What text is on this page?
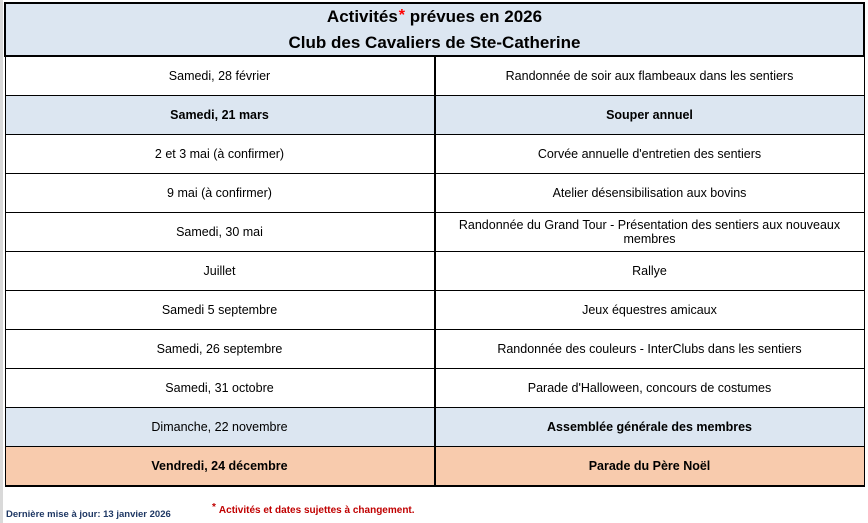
Activités* prévues en 2026
Club des Cavaliers de Ste-Catherine	

Samedi, 28 février	Randonnée de soir aux flambeaux dans les sentiers
Samedi, 21 mars	Souper annuel
2 et 3 mai (à confirmer)	Corvée annuelle d'entretien des sentiers
9 mai (à confirmer)	Atelier désensibilisation aux bovins
Samedi, 30 mai	Randonnée du Grand Tour - Présentation des sentiers aux nouveaux membres
Juillet	Rallye
Samedi 5 septembre	Jeux équestres amicaux
Samedi, 26 septembre	Randonnée des couleurs - InterClubs dans les sentiers
Samedi, 31 octobre	Parade d'Halloween, concours de costumes
Dimanche, 22 novembre	Assemblée générale des membres
Vendredi, 24 décembre	Parade du Père Noël
Dernière mise à jour: 13 janvier 2026
* Activités et dates sujettes à changement.
